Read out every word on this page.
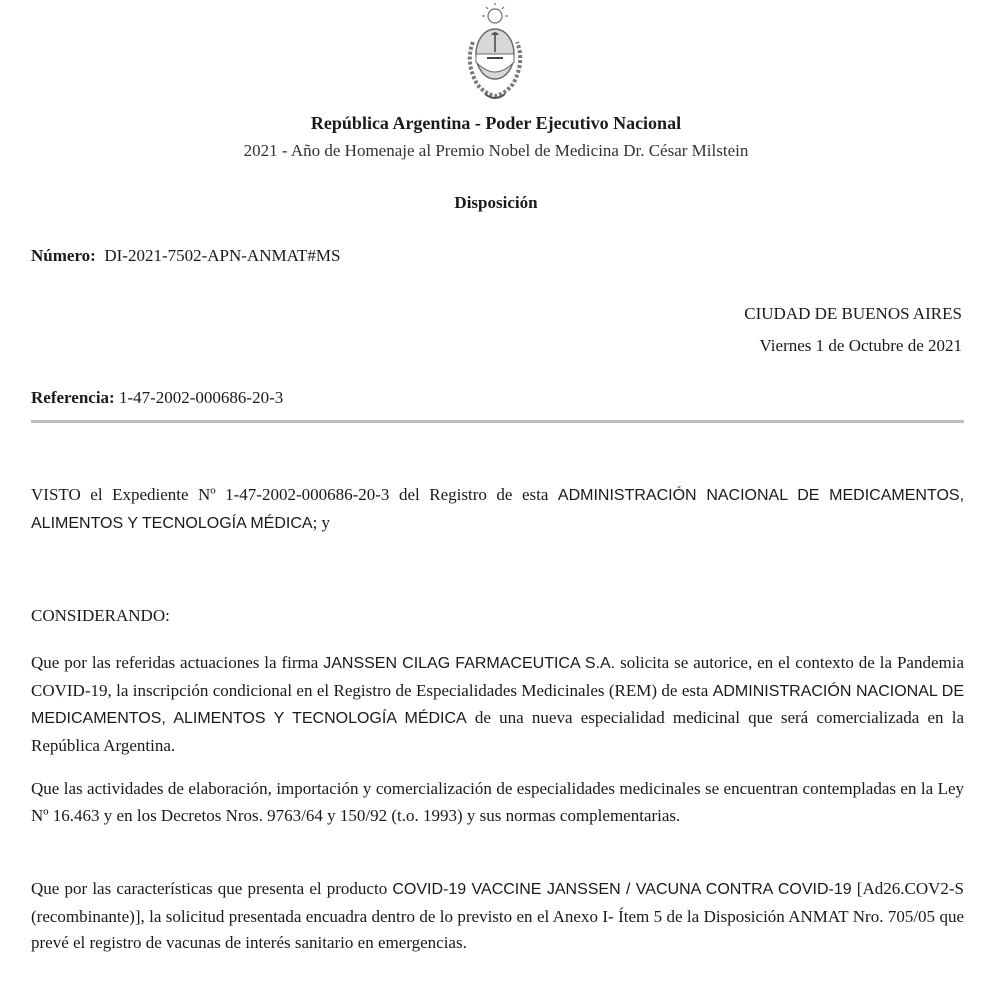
República Argentina - Poder Ejecutivo Nacional
2021 - Año de Homenaje al Premio Nobel de Medicina Dr. César Milstein
Disposición
Número: DI-2021-7502-APN-ANMAT#MS
CIUDAD DE BUENOS AIRES
Viernes 1 de Octubre de 2021
Referencia: 1-47-2002-000686-20-3

VISTO el Expediente Nº 1-47-2002-000686-20-3 del Registro de esta ADMINISTRACIÓN NACIONAL DE MEDICAMENTOS, ALIMENTOS Y TECNOLOGÍA MÉDICA; y

CONSIDERANDO:

Que por las referidas actuaciones la firma JANSSEN CILAG FARMACEUTICA S.A. solicita se autorice, en el contexto de la Pandemia COVID-19, la inscripción condicional en el Registro de Especialidades Medicinales (REM) de esta ADMINISTRACIÓN NACIONAL DE MEDICAMENTOS, ALIMENTOS Y TECNOLOGÍA MÉDICA de una nueva especialidad medicinal que será comercializada en la República Argentina.

Que las actividades de elaboración, importación y comercialización de especialidades medicinales se encuentran contempladas en la Ley Nº 16.463 y en los Decretos Nros. 9763/64 y 150/92 (t.o. 1993) y sus normas complementarias.

Que por las características que presenta el producto COVID-19 VACCINE JANSSEN / VACUNA CONTRA COVID-19 [Ad26.COV2-S (recombinante)], la solicitud presentada encuadra dentro de lo previsto en el Anexo I- Ítem 5 de la Disposición ANMAT Nro. 705/05 que prevé el registro de vacunas de interés sanitario en emergencias.
